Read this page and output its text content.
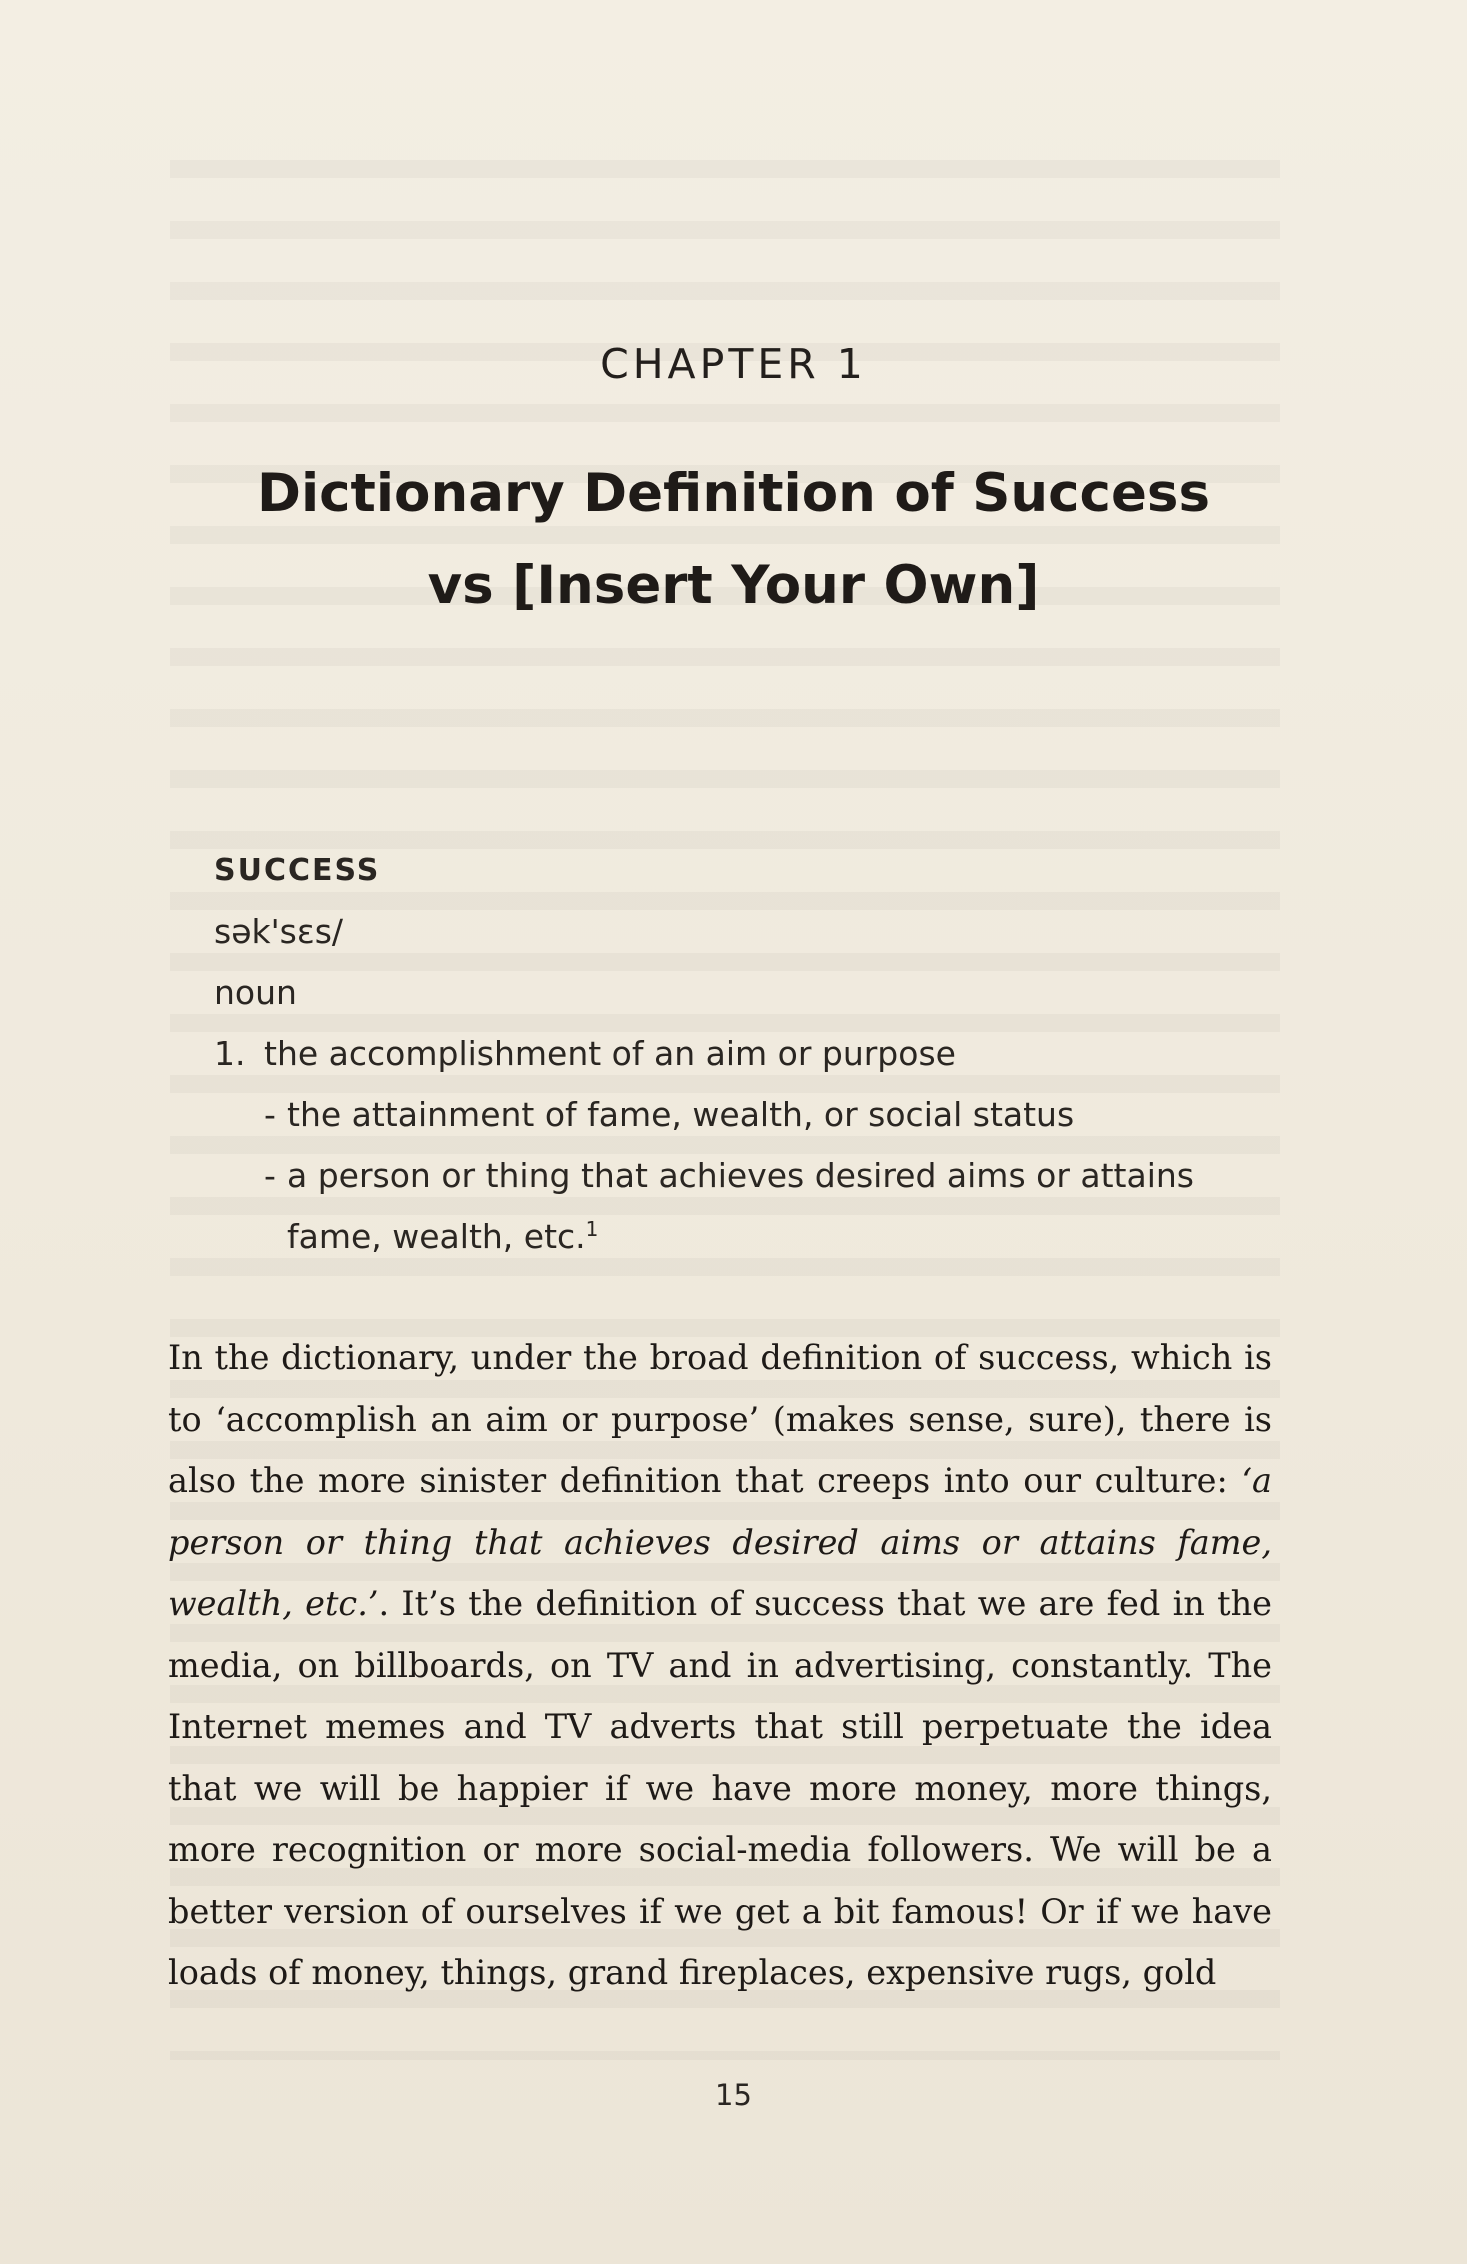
CHAPTER 1
Dictionary Definition of Success
vs [Insert Your Own]
SUCCESS
sək'sɛs/
noun
1. the accomplishment of an aim or purpose
- the attainment of fame, wealth, or social status
- a person or thing that achieves desired aims or attains fame, wealth, etc.$^1$
In the dictionary, under the broad definition of success, which is to ‘accomplish an aim or purpose’ (makes sense, sure), there is also the more sinister definition that creeps into our culture: ‘a person or thing that achieves desired aims or attains fame, wealth, etc.’. It’s the definition of success that we are fed in the media, on billboards, on TV and in advertising, constantly. The Internet memes and TV adverts that still perpetuate the idea that we will be happier if we have more money, more things, more recognition or more social-media followers. We will be a better version of ourselves if we get a bit famous! Or if we have loads of money, things, grand fireplaces, expensive rugs, gold
15
